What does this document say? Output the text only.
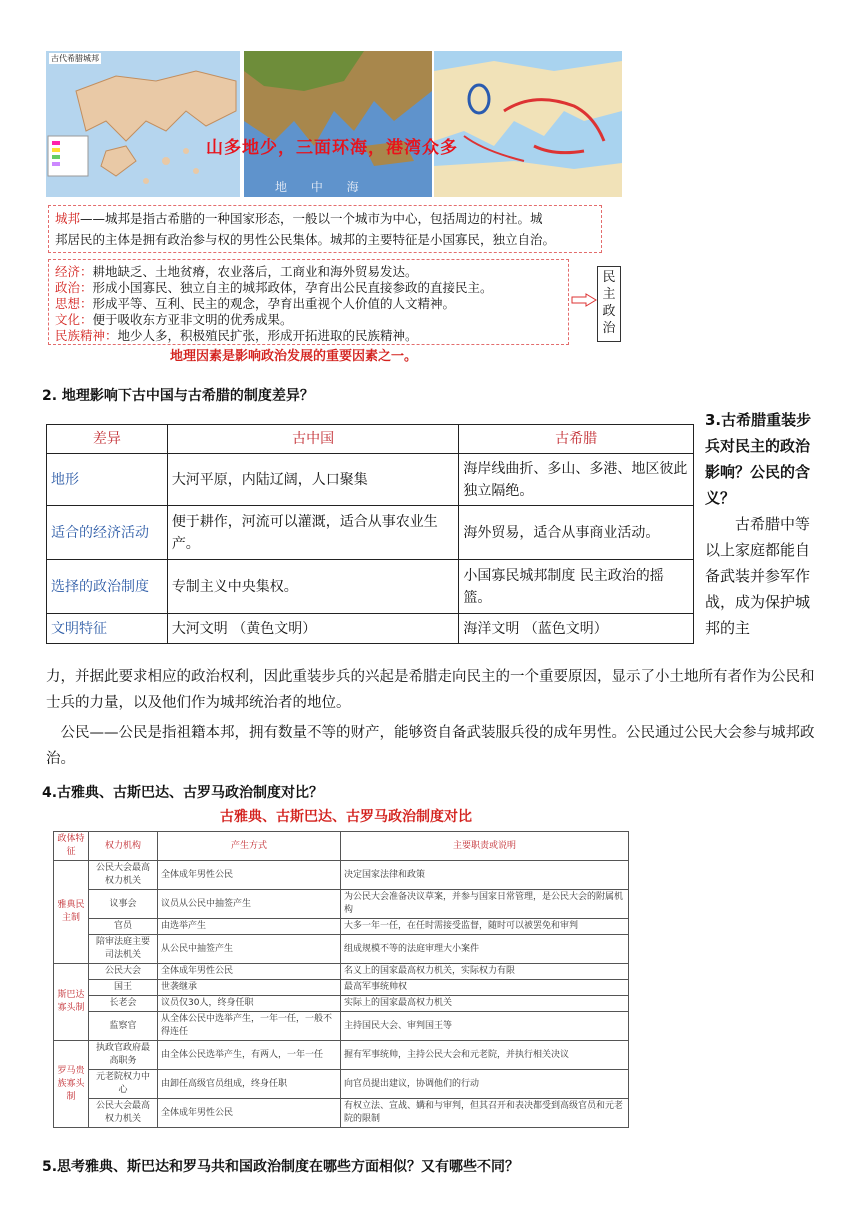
古代希腊城邦
山多地少，三面环海，港湾众多
地 中 海
城邦——城邦是指古希腊的一种国家形态，一般以一个城市为中心，包括周边的村社。城
邦居民的主体是拥有政治参与权的男性公民集体。城邦的主要特征是小国寡民，独立自治。
经济：耕地缺乏、土地贫瘠，农业落后，工商业和海外贸易发达。
政治：形成小国寡民、独立自主的城邦政体，孕育出公民直接参政的直接民主。
思想：形成平等、互利、民主的观念，孕育出重视个人价值的人文精神。
文化：便于吸收东方亚非文明的优秀成果。
民族精神：地少人多，积极殖民扩张，形成开拓进取的民族精神。
民主政治
地理因素是影响政治发展的重要因素之一。
2. 地理影响下古中国与古希腊的制度差异？
差异	古中国	古希腊
地形	大河平原，内陆辽阔，人口聚集	海岸线曲折、多山、多港、地区彼此独立隔绝。
适合的经济活动	便于耕作，河流可以灌溉，适合从事农业生产。	海外贸易，适合从事商业活动。
选择的政治制度	专制主义中央集权。	小国寡民城邦制度 民主政治的摇篮。
文明特征	大河文明 （黄色文明）	海洋文明 （蓝色文明）
3.古希腊重装步兵对民主的政治影响？公民的含义？
古希腊中等以上家庭都能自备武装并参军作战，成为保护城邦的主
力，并据此要求相应的政治权利，因此重装步兵的兴起是希腊走向民主的一个重要原因，显示了小土地所有者作为公民和士兵的力量，以及他们作为城邦统治者的地位。
公民——公民是指祖籍本邦，拥有数量不等的财产，能够资自备武装服兵役的成年男性。公民通过公民大会参与城邦政治。
4.古雅典、古斯巴达、古罗马政治制度对比？
古雅典、古斯巴达、古罗马政治制度对比
政体特征	权力机构	产生方式	主要职责或说明
雅典民主制	公民大会最高权力机关	全体成年男性公民	决定国家法律和政策
	议事会	议员从公民中抽签产生	为公民大会准备决议草案，并参与国家日常管理，是公民大会的附属机构
	官员	由选举产生	大多一年一任，在任时需接受监督，随时可以被罢免和审判
	陪审法庭主要司法机关	从公民中抽签产生	组成规模不等的法庭审理大小案件
斯巴达寡头制	公民大会	全体成年男性公民	名义上的国家最高权力机关，实际权力有限
	国王	世袭继承	最高军事统帅权
	长老会	议员仅30人，终身任职	实际上的国家最高权力机关
	监察官	从全体公民中选举产生，一年一任，一般不得连任	主持国民大会、审判国王等
罗马贵族寡头制	执政官政府最高职务	由全体公民选举产生，有两人，一年一任	握有军事统帅，主持公民大会和元老院，并执行相关决议
	元老院权力中心	由卸任高级官员组成，终身任职	向官员提出建议，协调他们的行动
	公民大会最高权力机关	全体成年男性公民	有权立法、宣战、媾和与审判，但其召开和表决都受到高级官员和元老院的限制
5.思考雅典、斯巴达和罗马共和国政治制度在哪些方面相似？又有哪些不同？
